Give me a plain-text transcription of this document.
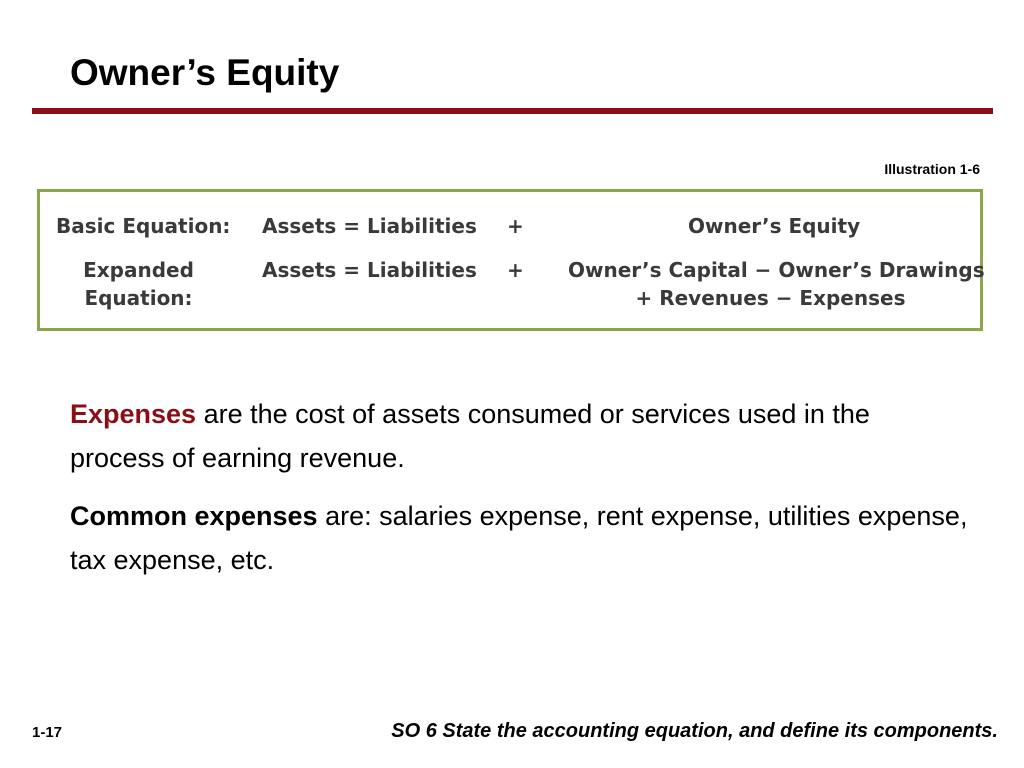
Owner’s Equity
Illustration 1-6
Basic Equation: Assets = Liabilities +	Owner’s Equity
Expanded
Equation:
Assets = Liabilities + Owner’s Capital − Owner’s Drawings
+ Revenues − Expenses

Expenses are the cost of assets consumed or services used in the process of earning revenue.

Common expenses are: salaries expense, rent expense, utilities expense, tax expense, etc.

1-17	SO 6 State the accounting equation, and define its components.
